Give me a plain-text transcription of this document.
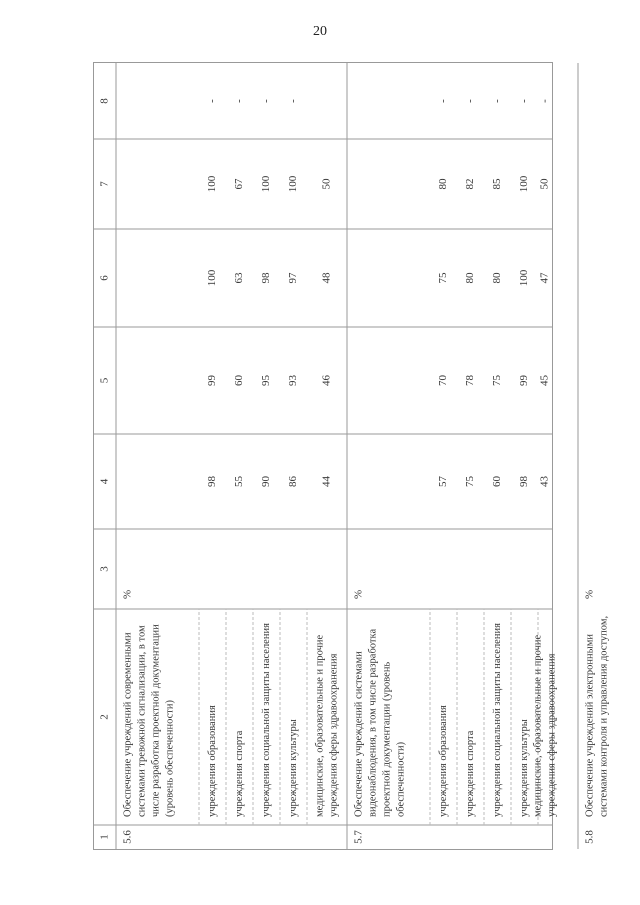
20
1
2
3
4
5
6
7
8
5.6
Обеспечение учреждений современными системами тревожной сигнализации, в том числе разработка проектной документации (уровень обеспеченности)
%
учреждения образования
98
99
100
100
-
учреждения спорта
55
60
63
67
-
учреждения социальной защиты населения
90
95
98
100
-
учреждения культуры
86
93
97
100
-
медицинские, образовательные и прочие учреждения сферы здравоохранения
44
46
48
50
5.7
Обеспечение учреждений системами видеонаблюдения, в том числе разработка проектной документации (уровень обеспеченности)
%
учреждения образования
57
70
75
80
-
учреждения спорта
75
78
80
82
-
учреждения социальной защиты населения
60
75
80
85
-
учреждения культуры
98
99
100
100
-
медицинские, образовательные и прочие учреждения сферы здравоохранения
43
45
47
50
-
5.8
Обеспечение учреждений электронными системами контроля и управления доступом,
%
